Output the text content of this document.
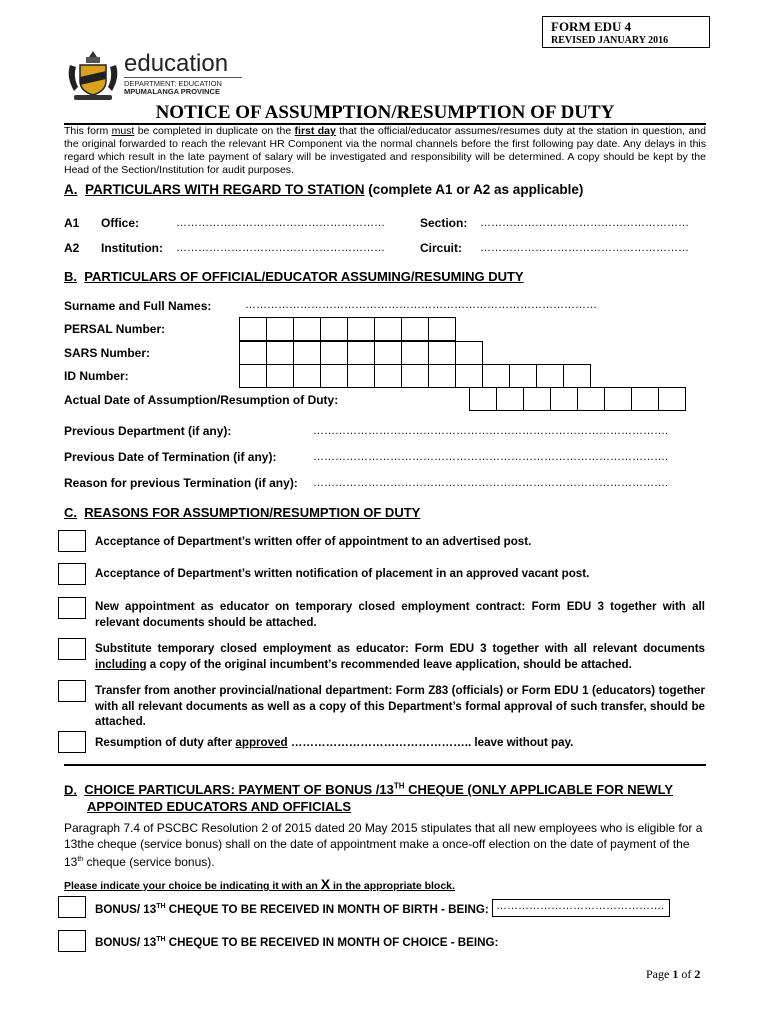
FORM EDU 4
REVISED JANUARY 2016
education
DEPARTMENT: EDUCATION
MPUMALANGA PROVINCE
NOTICE OF ASSUMPTION/RESUMPTION OF DUTY
This form must be completed in duplicate on the first day that the official/educator assumes/resumes duty at the station in question, and the original forwarded to reach the relevant HR Component via the normal channels before the first following pay date. Any delays in this regard which result in the late payment of salary will be investigated and responsibility will be determined. A copy should be kept by the Head of the Section/Institution for audit purposes.
A. PARTICULARS WITH REGARD TO STATION (complete A1 or A2 as applicable)
A1 Office:	…………………………………………………	Section: …………………………………………………
A2 Institution: …………………………………………………	Circuit: …………………………………………………
B. PARTICULARS OF OFFICIAL/EDUCATOR ASSUMING/RESUMING DUTY
Surname and Full Names:	……………………………………………………………………………………
PERSAL Number:
SARS Number:
ID Number:
Actual Date of Assumption/Resumption of Duty:
Previous Department (if any):	…………………………………………………………………………………….
Previous Date of Termination (if any):	…………………………………………………………………………………….
Reason for previous Termination (if any): …………………………………………………………………………………….
C. REASONS FOR ASSUMPTION/RESUMPTION OF DUTY
Acceptance of Department’s written offer of appointment to an advertised post.
Acceptance of Department’s written notification of placement in an approved vacant post.
New appointment as educator on temporary closed employment contract: Form EDU 3 together with all relevant documents should be attached.
Substitute temporary closed employment as educator: Form EDU 3 together with all relevant documents including a copy of the original incumbent’s recommended leave application, should be attached.
Transfer from another provincial/national department: Form Z83 (officials) or Form EDU 1 (educators) together with all relevant documents as well as a copy of this Department’s formal approval of such transfer, should be attached.
Resumption of duty after approved ……………………………………….. leave without pay.
D. CHOICE PARTICULARS: PAYMENT OF BONUS /13TH CHEQUE (ONLY APPLICABLE FOR NEWLY
APPOINTED EDUCATORS AND OFFICIALS
Paragraph 7.4 of PSCBC Resolution 2 of 2015 dated 20 May 2015 stipulates that all new employees who is eligible for a 13the cheque (service bonus) shall on the date of appointment make a once-off election on the date of payment of the 13th cheque (service bonus).
Please indicate your choice be indicating it with an X in the appropriate block.
BONUS/ 13TH CHEQUE TO BE RECEIVED IN MONTH OF BIRTH - BEING: ……………………………………….
BONUS/ 13TH CHEQUE TO BE RECEIVED IN MONTH OF CHOICE - BEING:
Page 1 of 2
